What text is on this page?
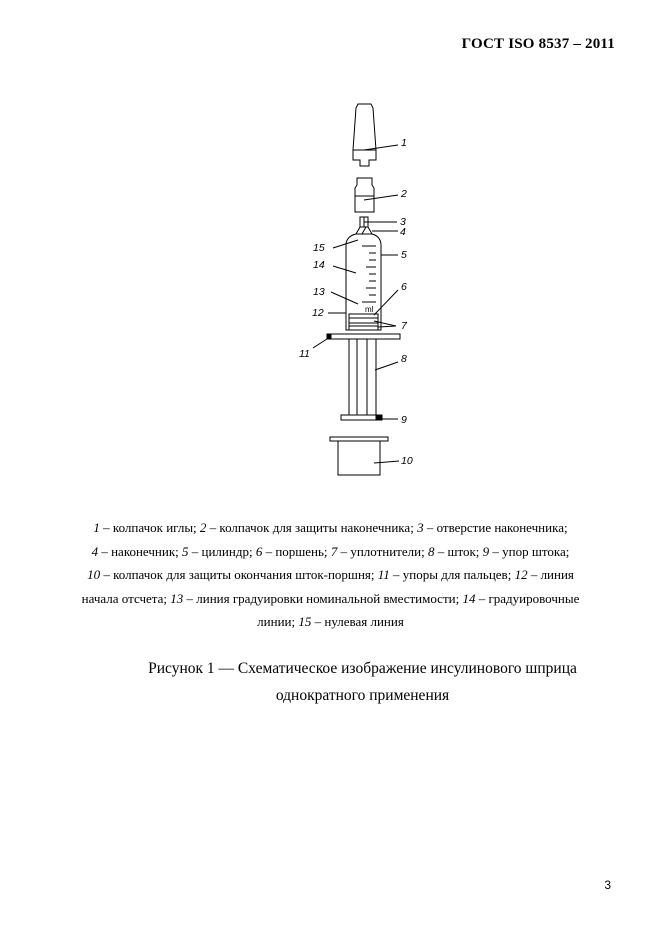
ГОСТ ISO 8537 – 2011
ml
1
2
3
4
5
6
7
8
9
10
11
12
13
14
15
1 – колпачок иглы; 2 – колпачок для защиты наконечника; 3 – отверстие наконечника;
4 – наконечник; 5 – цилиндр; 6 – поршень; 7 – уплотнители; 8 – шток; 9 – упор штока;
10 – колпачок для защиты окончания шток-поршня; 11 – упоры для пальцев; 12 – линия начала отсчета; 13 – линия градуировки номинальной вместимости; 14 – градуировочные линии; 15 – нулевая линия
Рисунок 1 — Схематическое изображение инсулинового шприца
однократного применения
3
